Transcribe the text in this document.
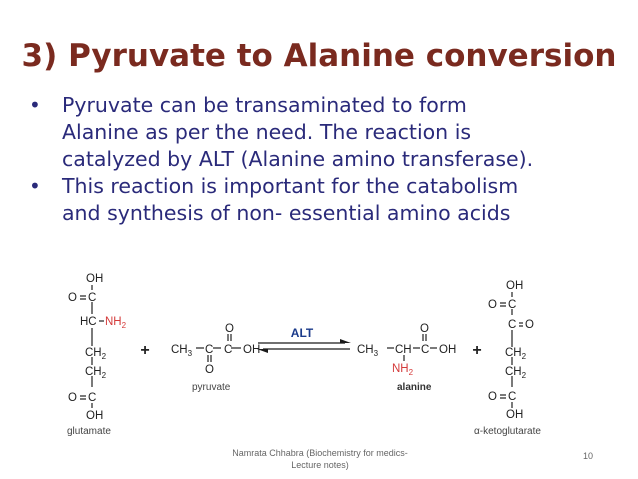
3) Pyruvate to Alanine conversion
• Pyruvate can be transaminated to form
Alanine as per the need. The reaction is
catalyzed by ALT (Alanine amino transferase).
• This reaction is important for the catabolism
and synthesis of non- essential amino acids
ALT
+	+
OH
O C
HC $NH_2$
$CH_2$
$CH_2$
O C
OH
glutamate
$CH_3$ C C OH
O
O
pyruvate
$CH_3$ CH C OH
O
$NH_2$
alanine
OH
O C
C O
$CH_2$
$CH_2$
O C
OH
α-ketoglutarate
Namrata Chhabra (Biochemistry for medics-
Lecture notes)
10
